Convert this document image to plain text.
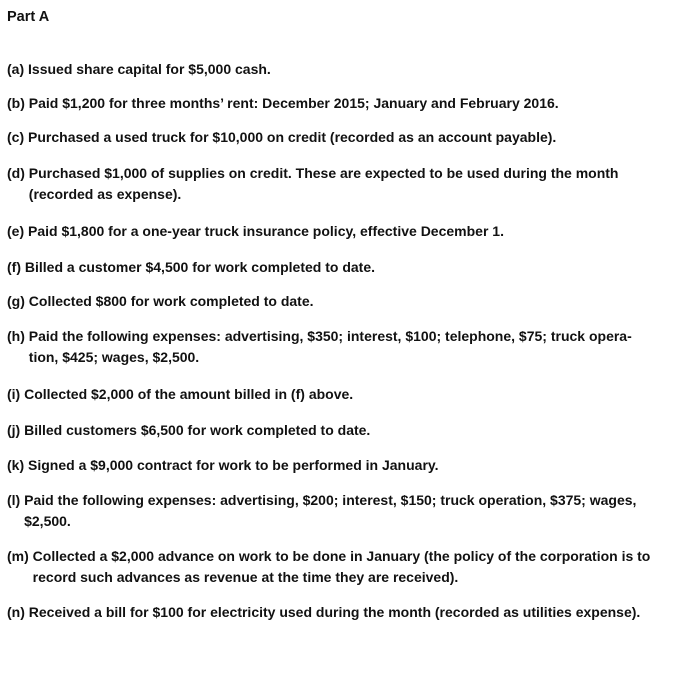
Part A
(a)
Issued share capital for $5,000 cash.
(b)
Paid $1,200 for three months’ rent: December 2015; January and February 2016.
(c)
Purchased a used truck for $10,000 on credit (recorded as an account payable).
(d)
Purchased $1,000 of supplies on credit. These are expected to be used during the month
(recorded as expense).
(e)
Paid $1,800 for a one-year truck insurance policy, effective December 1.
(f)
Billed a customer $4,500 for work completed to date.
(g)
Collected $800 for work completed to date.
(h)
Paid the following expenses: advertising, $350; interest, $100; telephone, $75; truck opera-
tion, $425; wages, $2,500.
(i)
Collected $2,000 of the amount billed in (f) above.
(j)
Billed customers $6,500 for work completed to date.
(k)
Signed a $9,000 contract for work to be performed in January.
(l)
Paid the following expenses: advertising, $200; interest, $150; truck operation, $375; wages,
$2,500.
(m)
Collected a $2,000 advance on work to be done in January (the policy of the corporation is to
record such advances as revenue at the time they are received).
(n)
Received a bill for $100 for electricity used during the month (recorded as utilities expense).
